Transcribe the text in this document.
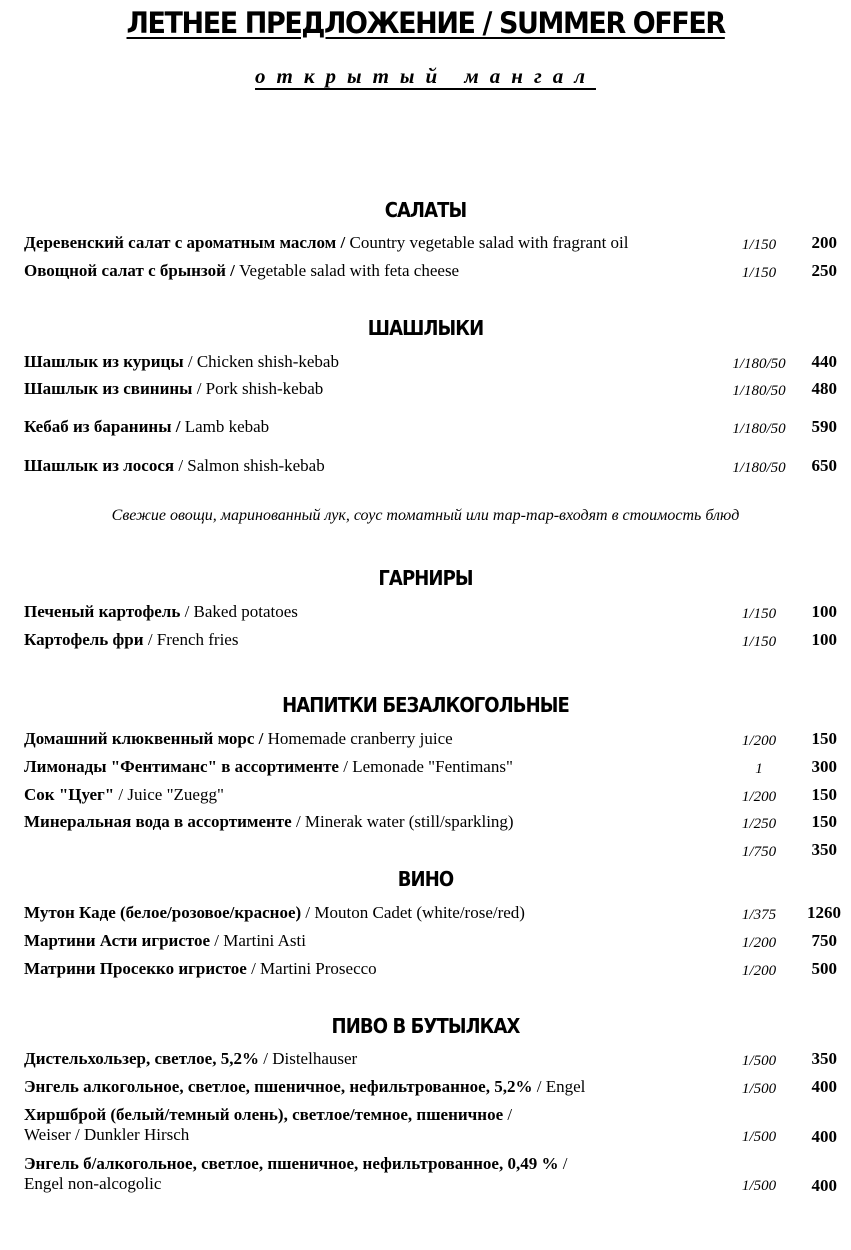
ЛЕТНЕЕ ПРЕДЛОЖЕНИЕ / SUMMER OFFER
открытый мангал
САЛАТЫ
Деревенский салат с ароматным маслом / Country vegetable salad with fragrant oil	1/150	200
Овощной салат с брынзой / Vegetable salad with feta cheese	1/150	250
ШАШЛЫКИ
Шашлык из курицы / Chicken shish-kebab	1/180/50	440
Шашлык из свинины / Pork shish-kebab	1/180/50	480
Кебаб из баранины / Lamb kebab	1/180/50	590
Шашлык из лосося / Salmon shish-kebab	1/180/50	650
Свежие овощи, маринованный лук, соус томатный или тар-тар-входят в стоимость блюд
ГАРНИРЫ
Печеный картофель / Baked potatoes	1/150	100
Картофель фри / French fries	1/150	100
НАПИТКИ БЕЗАЛКОГОЛЬНЫЕ
Домашний клюквенный морс / Homemade cranberry juice	1/200	150
Лимонады "Фентиманс" в ассортименте / Lemonade "Fentimans"	1	300
Сок "Цуег" / Juice "Zuegg"	1/200	150
Минеральная вода в ассортименте / Minerak water (still/sparkling)	1/250	150
1/750	350
ВИНО
Мутон Каде (белое/розовое/красное) / Mouton Cadet (white/rose/red)	1/375	1260
Мартини Асти игристое / Martini Asti	1/200	750
Матрини Просекко игристое / Martini Prosecco	1/200	500
ПИВО В БУТЫЛКАХ
Дистельхользер, светлое, 5,2% / Distelhauser	1/500	350
Энгель алкогольное, светлое, пшеничное, нефильтрованное, 5,2% / Engel	1/500	400
Хиршброй (белый/темный олень), светлое/темное, пшеничное /
Weiser / Dunkler Hirsch	1/500	400
Энгель б/алкогольное, светлое, пшеничное, нефильтрованное, 0,49 % /
Engel non-alcogolic	1/500	400
